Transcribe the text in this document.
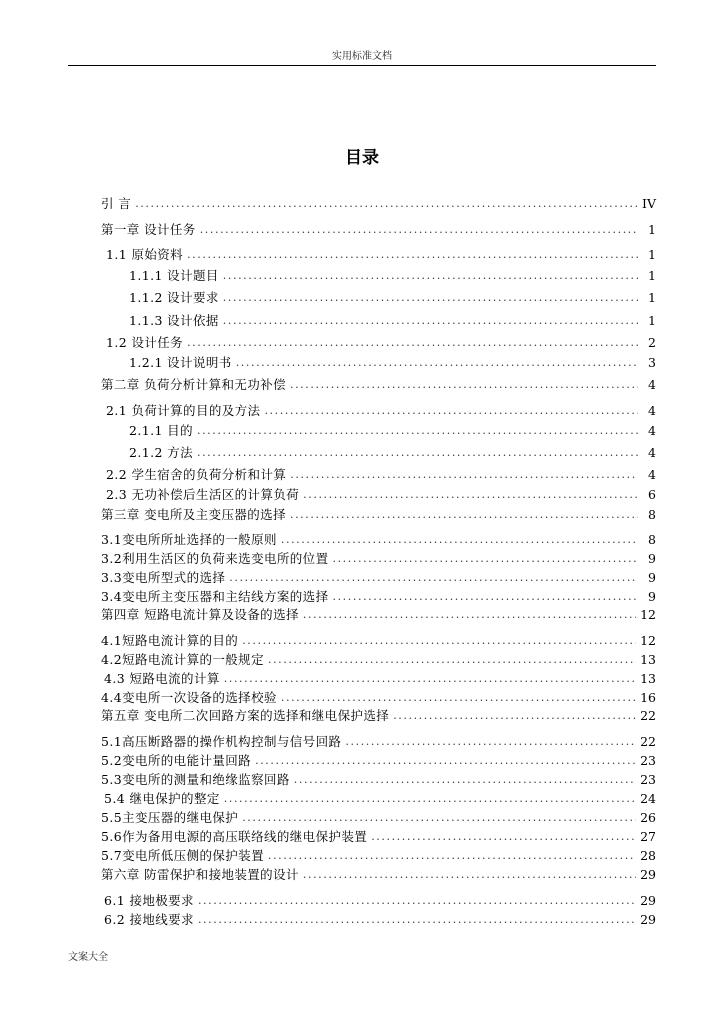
实用标准文档
目录
引 言 .....	IV
第一章 设计任务 .....	1
1.1 原始资料 .....	1
1.1.1 设计题目 .....	1
1.1.2 设计要求 .....	1
1.1.3 设计依据 .....	1
1.2 设计任务 .....	2
1.2.1 设计说明书 .....	3
第二章 负荷分析计算和无功补偿 .....	4
2.1 负荷计算的目的及方法 .....	4
2.1.1 目的 .....	4
2.1.2 方法 .....	4
2.2 学生宿舍的负荷分析和计算 .....	4
2.3 无功补偿后生活区的计算负荷 .....	6
第三章 变电所及主变压器的选择 .....	8
3.1变电所所址选择的一般原则 .....	8
3.2利用生活区的负荷来选变电所的位置 .....	9
3.3变电所型式的选择 .....	9
3.4变电所主变压器和主结线方案的选择 .....	9
第四章 短路电流计算及设备的选择 .....	12
4.1短路电流计算的目的 .....	12
4.2短路电流计算的一般规定 .....	13
4.3 短路电流的计算 .....	13
4.4变电所一次设备的选择校验 .....	16
第五章 变电所二次回路方案的选择和继电保护选择 .....	22
5.1高压断路器的操作机构控制与信号回路 .....	22
5.2变电所的电能计量回路 .....	23
5.3变电所的测量和绝缘监察回路 .....	23
5.4 继电保护的整定 .....	24
5.5主变压器的继电保护 .....	26
5.6作为备用电源的高压联络线的继电保护装置 .....	27
5.7变电所低压侧的保护装置 .....	28
第六章 防雷保护和接地装置的设计 .....	29
6.1 接地极要求 .....	29
6.2 接地线要求 .....	29
文案大全
